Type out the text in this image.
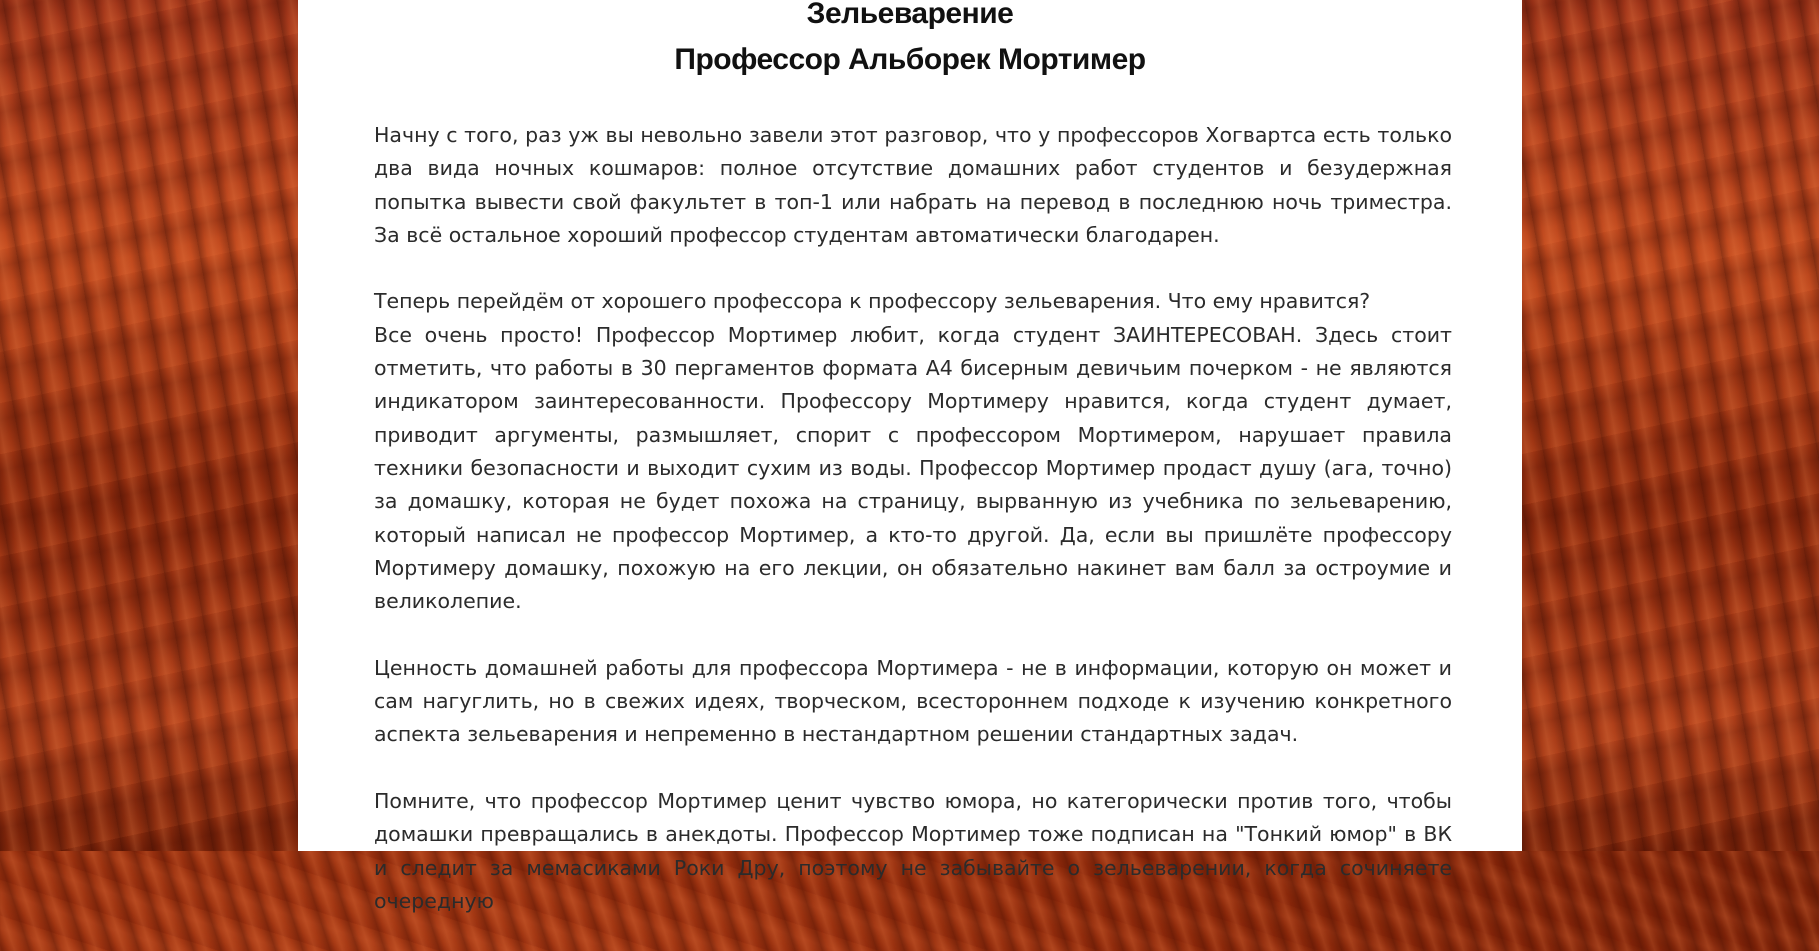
Зельеварение
Профессор Альборек Мортимер

Начну с того, раз уж вы невольно завели этот разговор, что у профессоров Хогвартса есть только два вида ночных кошмаров: полное отсутствие домашних работ студентов и безудержная попытка вывести свой факультет в топ-1 или набрать на перевод в последнюю ночь триместра. За всё остальное хороший профессор студентам автоматически благодарен.

Теперь перейдём от хорошего профессора к профессору зельеварения. Что ему нравится?

Все очень просто! Профессор Мортимер любит, когда студент ЗАИНТЕРЕСОВАН. Здесь стоит отметить, что работы в 30 пергаментов формата А4 бисерным девичьим почерком - не являются индикатором заинтересованности. Профессору Мортимеру нравится, когда студент думает, приводит аргументы, размышляет, спорит с профессором Мортимером, нарушает правила техники безопасности и выходит сухим из воды. Профессор Мортимер продаст душу (ага, точно) за домашку, которая не будет похожа на страницу, вырванную из учебника по зельеварению, который написал не профессор Мортимер, а кто-то другой. Да, если вы пришлёте профессору Мортимеру домашку, похожую на его лекции, он обязательно накинет вам балл за остроумие и великолепие.

Ценность домашней работы для профессора Мортимера - не в информации, которую он может и сам нагуглить, но в свежих идеях, творческом, всестороннем подходе к изучению конкретного аспекта зельеварения и непременно в нестандартном решении стандартных задач.

Помните, что профессор Мортимер ценит чувство юмора, но категорически против того, чтобы домашки превращались в анекдоты. Профессор Мортимер тоже подписан на "Тонкий юмор" в ВК и следит за мемасиками Роки Дру, поэтому не забывайте о зельеварении, когда сочиняете очередную
